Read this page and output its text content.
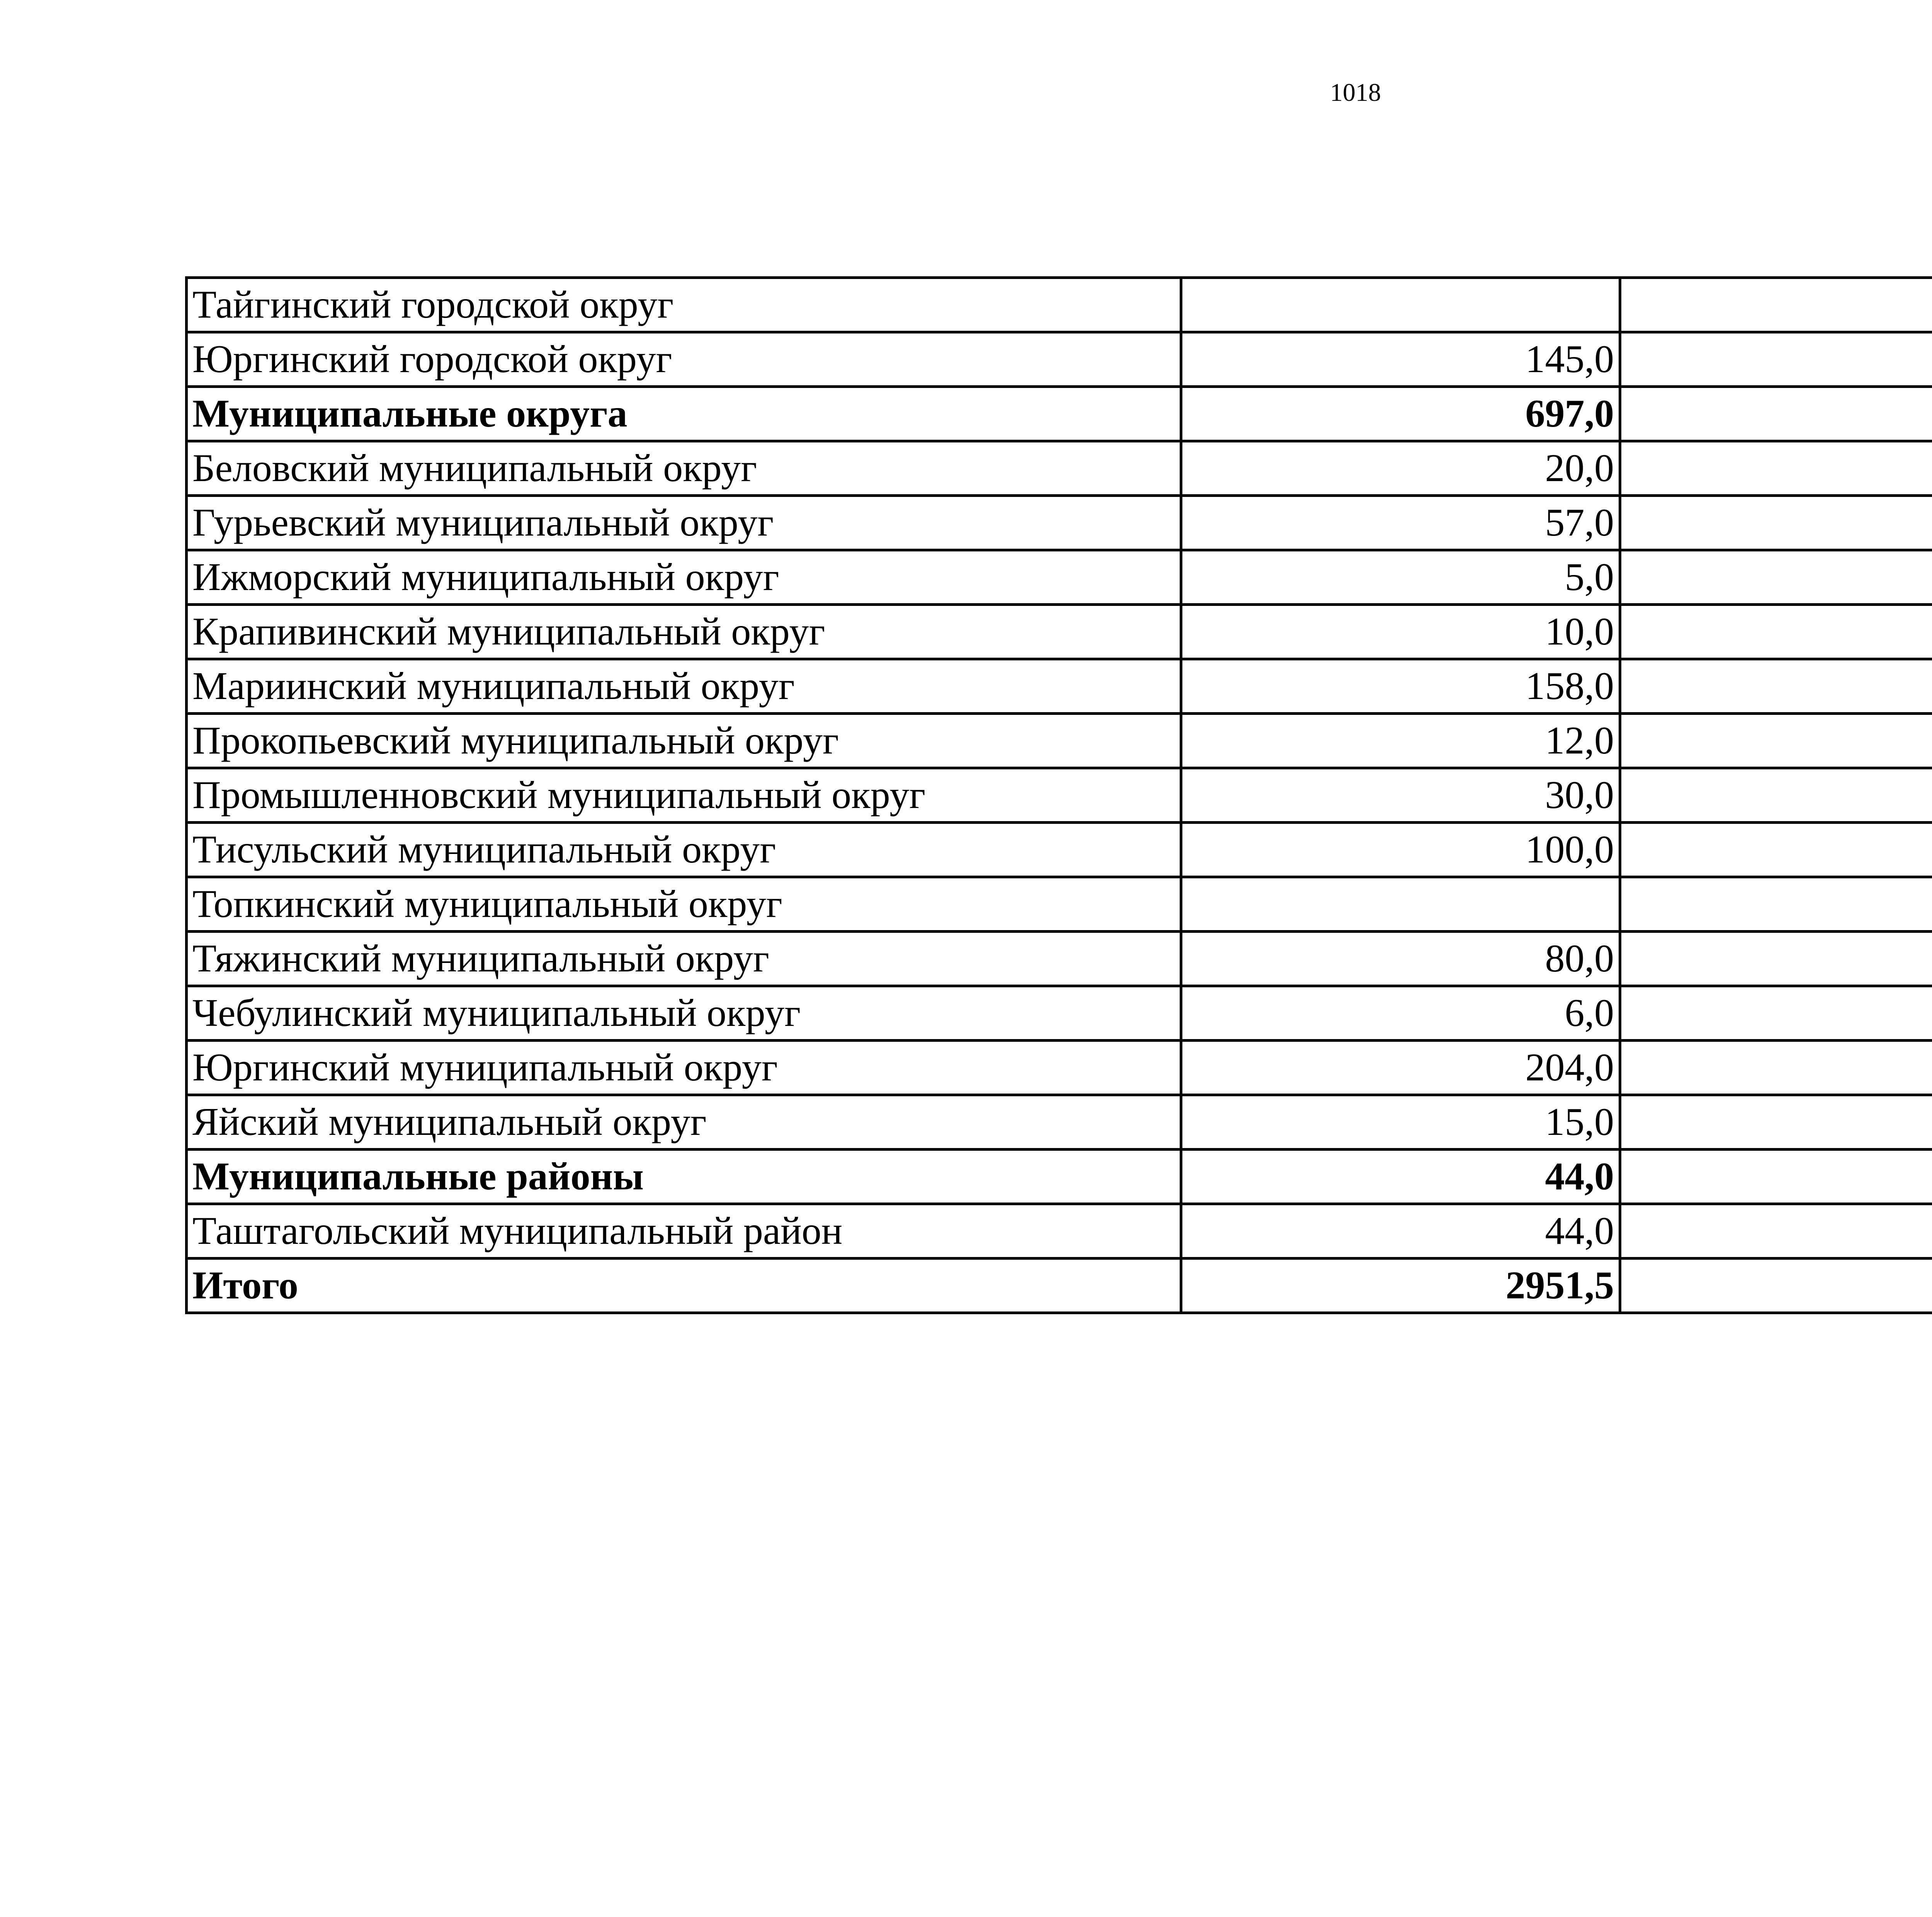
1018
Тайгинский городской округ			
Юргинский городской округ	145,0		
Муниципальные округа	697,0		
Беловский муниципальный округ	20,0		
Гурьевский муниципальный округ	57,0		
Ижморский муниципальный округ	5,0		
Крапивинский муниципальный округ	10,0		
Мариинский муниципальный округ	158,0		
Прокопьевский муниципальный округ	12,0		
Промышленновский муниципальный округ	30,0		
Тисульский муниципальный округ	100,0		
Топкинский муниципальный округ			
Тяжинский муниципальный округ	80,0		
Чебулинский муниципальный округ	6,0		
Юргинский муниципальный округ	204,0		
Яйский муниципальный округ	15,0		
Муниципальные районы	44,0		
Таштагольский муниципальный район	44,0		
Итого	2951,5		
